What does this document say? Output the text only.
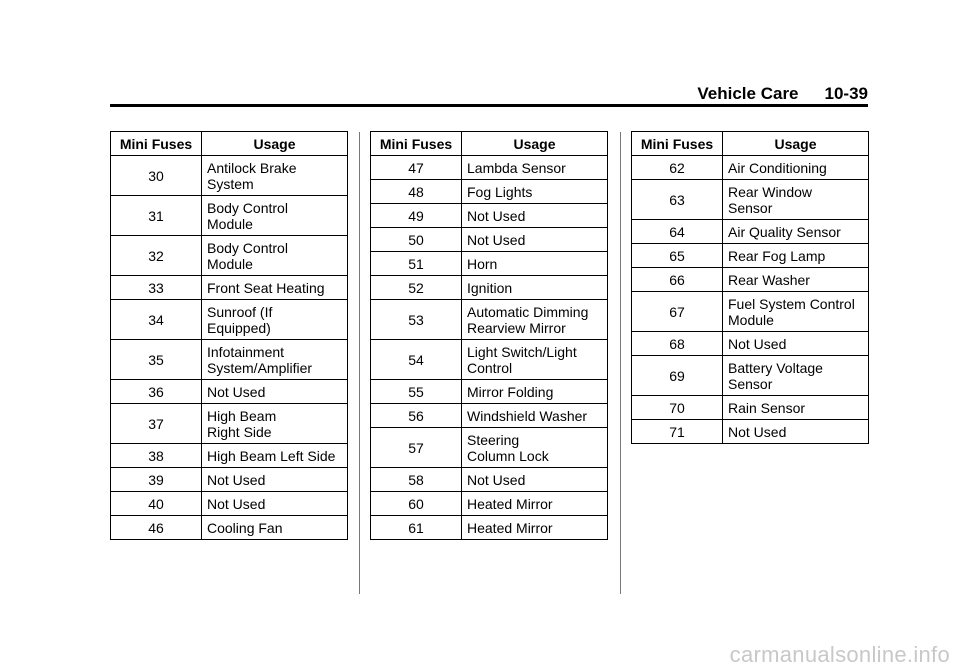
Vehicle Care 10-39
Mini Fuses	Usage
30	Antilock Brake
System

31	Body Control
Module

32	Body Control
Module

33	Front Seat Heating

34	Sunroof (If
Equipped)

35	Infotainment
System/Amplifier

36	Not Used

37	High Beam
Right Side

38	High Beam Left Side

39	Not Used

40	Not Used

46	Cooling Fan
Mini Fuses	Usage
47	Lambda Sensor

48	Fog Lights

49	Not Used

50	Not Used

51	Horn

52	Ignition

53	Automatic Dimming
Rearview Mirror

54	Light Switch/Light
Control

55	Mirror Folding

56	Windshield Washer

57	Steering
Column Lock

58	Not Used

60	Heated Mirror

61	Heated Mirror
Mini Fuses	Usage
62	Air Conditioning

63	Rear Window
Sensor

64	Air Quality Sensor

65	Rear Fog Lamp

66	Rear Washer

67	Fuel System Control
Module

68	Not Used

69	Battery Voltage
Sensor

70	Rain Sensor

71	Not Used
carmanualsonline.info
